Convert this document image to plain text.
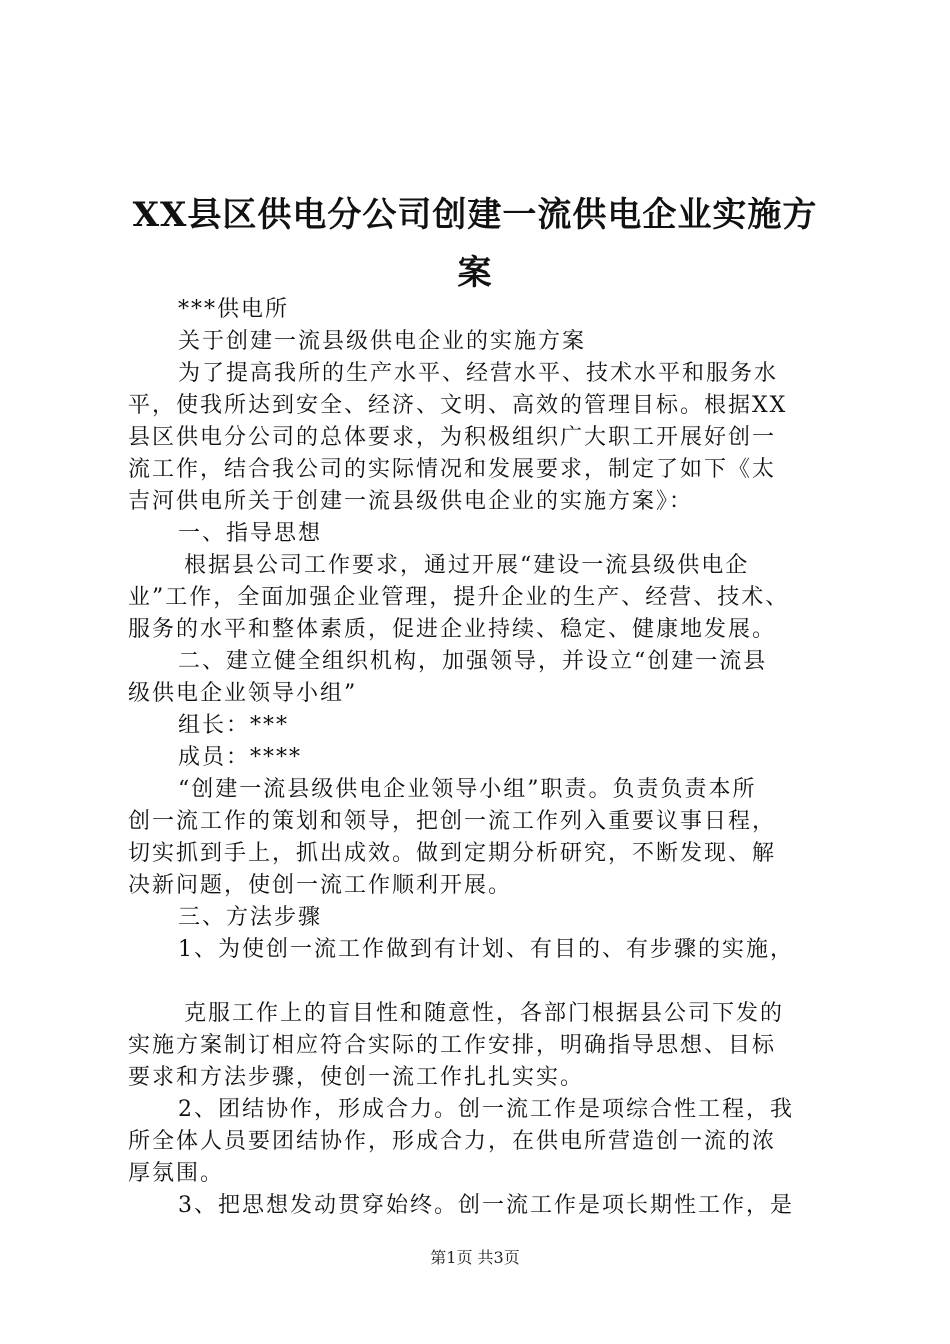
XX县区供电分公司创建一流供电企业实施方
案

***供电所

关于创建一流县级供电企业的实施方案

为了提高我所的生产水平、经营水平、技术水平和服务水

平，使我所达到安全、经济、文明、高效的管理目标。根据XX

县区供电分公司的总体要求，为积极组织广大职工开展好创一

流工作，结合我公司的实际情况和发展要求，制定了如下《太

吉河供电所关于创建一流县级供电企业的实施方案》：

一、指导思想

根据县公司工作要求，通过开展“建设一流县级供电企

业”工作，全面加强企业管理，提升企业的生产、经营、技术、

服务的水平和整体素质，促进企业持续、稳定、健康地发展。

二、建立健全组织机构，加强领导，并设立“创建一流县

级供电企业领导小组”

组长：***

成员：****

“创建一流县级供电企业领导小组”职责。负责负责本所

创一流工作的策划和领导，把创一流工作列入重要议事日程，

切实抓到手上，抓出成效。做到定期分析研究，不断发现、解

决新问题，使创一流工作顺利开展。

三、方法步骤

1、为使创一流工作做到有计划、有目的、有步骤的实施，

克服工作上的盲目性和随意性，各部门根据县公司下发的

实施方案制订相应符合实际的工作安排，明确指导思想、目标

要求和方法步骤，使创一流工作扎扎实实。

2、团结协作，形成合力。创一流工作是项综合性工程，我

所全体人员要团结协作，形成合力，在供电所营造创一流的浓

厚氛围。

3、把思想发动贯穿始终。创一流工作是项长期性工作，是

第1页 共3页
